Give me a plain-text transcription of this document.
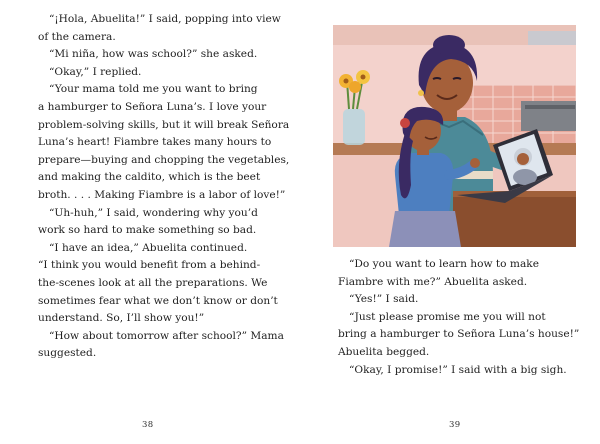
“¡Hola, Abuelita!” I said, popping into view
of the camera.
“Mi niña, how was school?” she asked.
“Okay,” I replied.
“Your mama told me you want to bring
a hamburger to Señora Luna’s. I love your
problem-solving skills, but it will break Señora
Luna’s heart! Fiambre takes many hours to
prepare—buying and chopping the vegetables,
and making the caldito, which is the beet
broth. . . . Making Fiambre is a labor of love!”
“Uh-huh,” I said, wondering why you’d
work so hard to make something so bad.
“I have an idea,” Abuelita continued.
“I think you would benefit from a behind-
the-scenes look at all the preparations. We
sometimes fear what we don’t know or don’t
understand. So, I’ll show you!”
“How about tomorrow after school?” Mama
suggested.
38
“Do you want to learn how to make
Fiambre with me?” Abuelita asked.
“Yes!” I said.
“Just please promise me you will not
bring a hamburger to Señora Luna’s house!”
Abuelita begged.
“Okay, I promise!” I said with a big sigh.
39
